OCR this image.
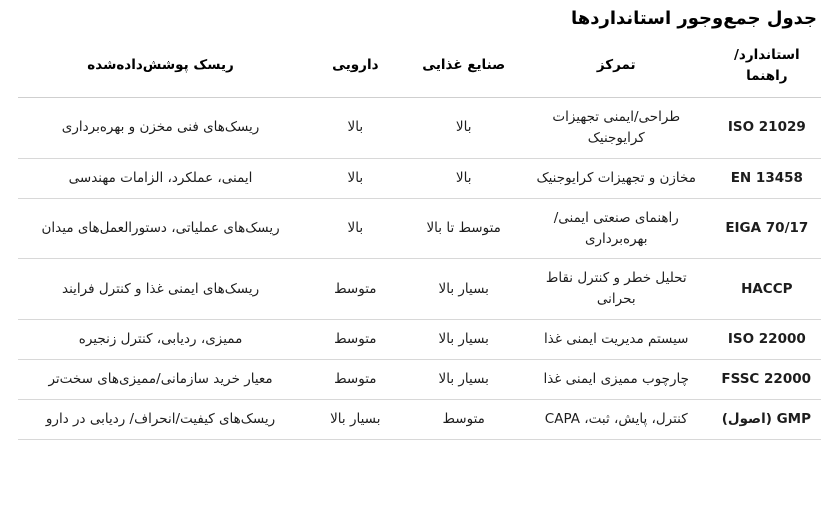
جدول جمع‌وجور استانداردها
استاندارد/راهنما	تمرکز	صنایع غذایی	دارویی	ریسک پوشش‌داده‌شده
ISO 21029	طراحی/ایمنی تجهیزات کرایوجنیک	بالا	بالا	ریسک‌های فنی مخزن و بهره‌برداری
EN 13458	مخازن و تجهیزات کرایوجنیک	بالا	بالا	ایمنی، عملکرد، الزامات مهندسی
EIGA 70/17	راهنمای صنعتی ایمنی/ بهره‌برداری	متوسط تا بالا	بالا	ریسک‌های عملیاتی، دستورالعمل‌های میدان
HACCP	تحلیل خطر و کنترل نقاط بحرانی	بسیار بالا	متوسط	ریسک‌های ایمنی غذا و کنترل فرایند
ISO 22000	سیستم مدیریت ایمنی غذا	بسیار بالا	متوسط	ممیزی، ردیابی، کنترل زنجیره
FSSC 22000	چارچوب ممیزی ایمنی غذا	بسیار بالا	متوسط	معیار خرید سازمانی/ممیزی‌های سخت‌تر
GMP (اصول)	کنترل، پایش، ثبت، CAPA	متوسط	بسیار بالا	ریسک‌های کیفیت/انحراف/ ردیابی در دارو
